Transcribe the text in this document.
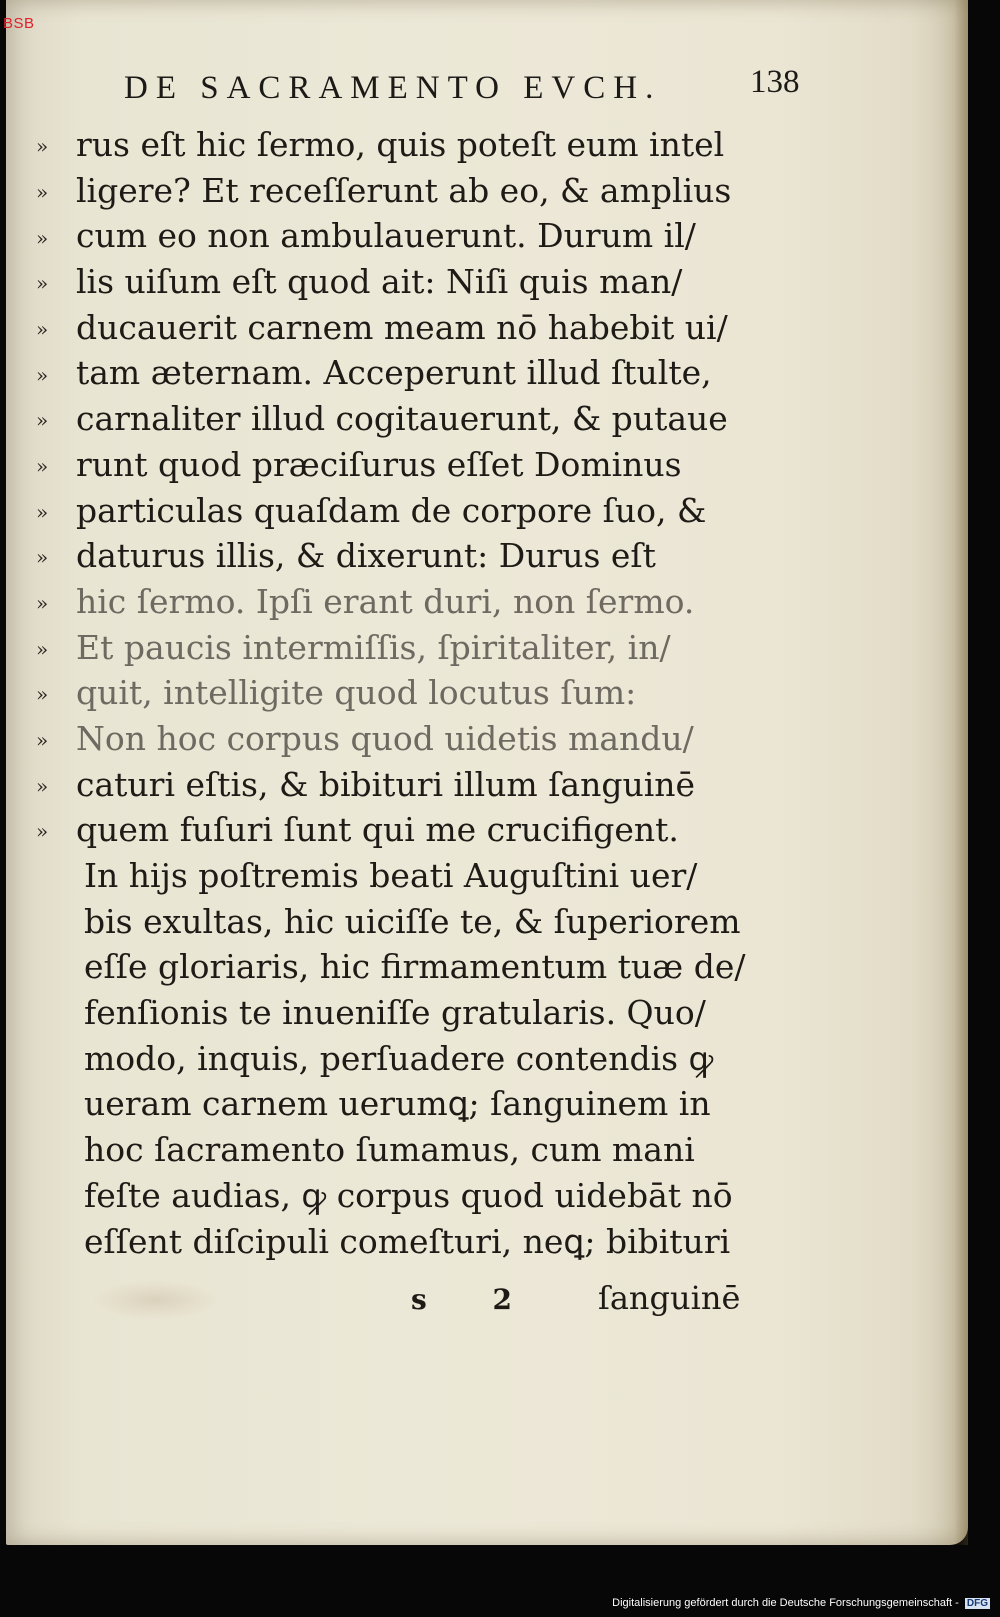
DE SACRAMENTO EVCH.	138
» rus eſt hic ſermo, quis poteſt eum intel
» ligere? Et receſſerunt ab eo, & amplius
» cum eo non ambulauerunt. Durum il/
» lis uiſum eſt quod ait: Niſi quis man/
» ducauerit carnem meam nō habebit ui/
» tam æternam. Acceperunt illud ſtulte,
» carnaliter illud cogitauerunt, & putaue
» runt quod præciſurus eſſet Dominus
» particulas quaſdam de corpore ſuo, &
» daturus illis, & dixerunt: Durus eſt
» hic ſermo. Ipſi erant duri, non ſermo.
» Et paucis intermiſſis, ſpiritaliter, in/
» quit, intelligite quod locutus ſum:
» Non hoc corpus quod uidetis mandu/
» caturi eſtis, & bibituri illum ſanguinē
» quem fuſuri ſunt qui me crucifigent.
In hijs poſtremis beati Auguſtini uer/
bis exultas, hic uiciſſe te, & ſuperiorem
eſſe gloriaris, hic firmamentum tuæ de/
fenſionis te inueniſſe gratularis. Quo/
modo, inquis, perſuadere contendis ꝙ
ueram carnem uerumꝗ; ſanguinem in
hoc ſacramento ſumamus, cum mani
feſte audias, ꝙ corpus quod uidebāt nō
eſſent diſcipuli comeſturi, neꝗ; bibituri
s 2 ſanguinē
BSB
Digitalisierung gefördert durch die Deutsche Forschungsgemeinschaft - DFG
